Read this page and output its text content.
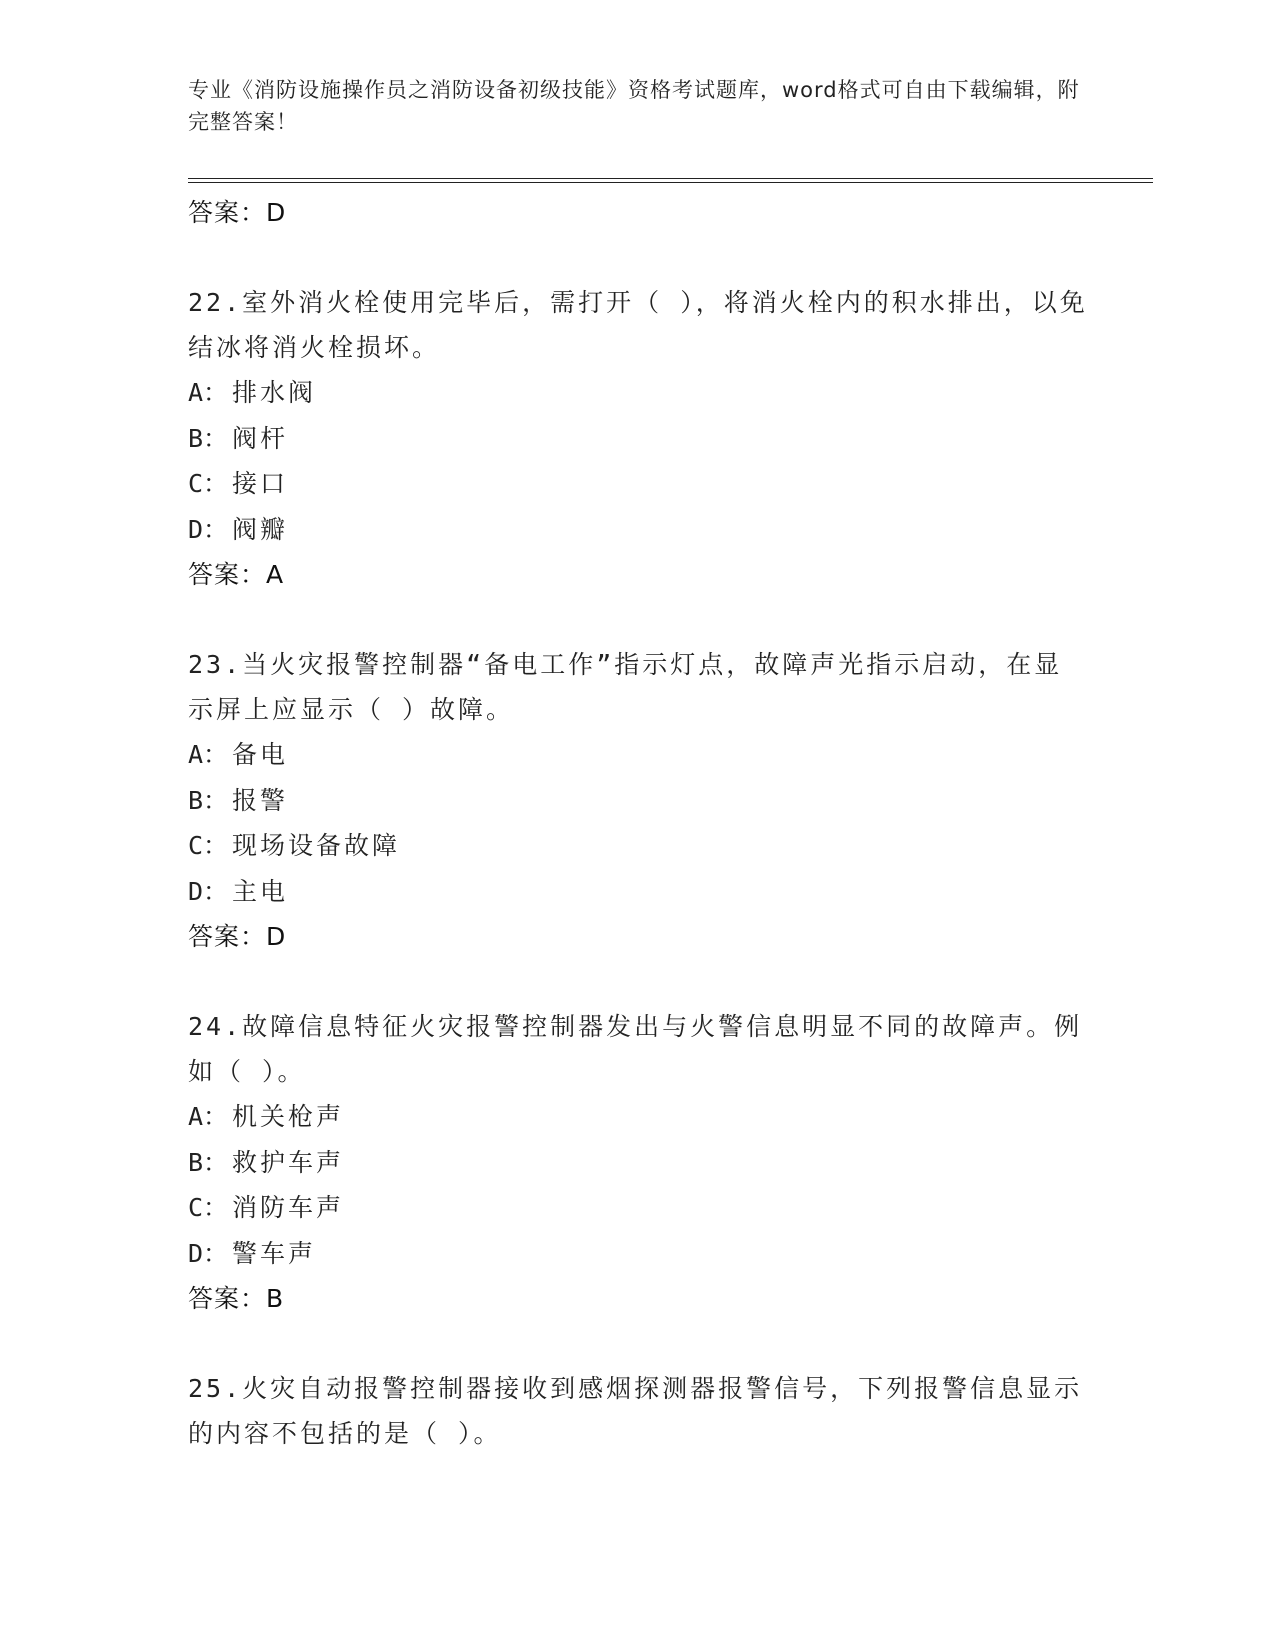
专业《消防设施操作员之消防设备初级技能》资格考试题库，word格式可自由下载编辑，附完整答案！
答案：D
22.室外消火栓使用完毕后，需打开（ ），将消火栓内的积水排出，以免结冰将消火栓损坏。
A： 排水阀
B： 阀杆
C： 接口
D： 阀瓣
答案：A
23.当火灾报警控制器“备电工作”指示灯点，故障声光指示启动，在显示屏上应显示（ ）故障。
A： 备电
B： 报警
C： 现场设备故障
D： 主电
答案：D
24.故障信息特征火灾报警控制器发出与火警信息明显不同的故障声。例如（ ）。
A： 机关枪声
B： 救护车声
C： 消防车声
D： 警车声
答案：B
25.火灾自动报警控制器接收到感烟探测器报警信号，下列报警信息显示的内容不包括的是（ ）。
